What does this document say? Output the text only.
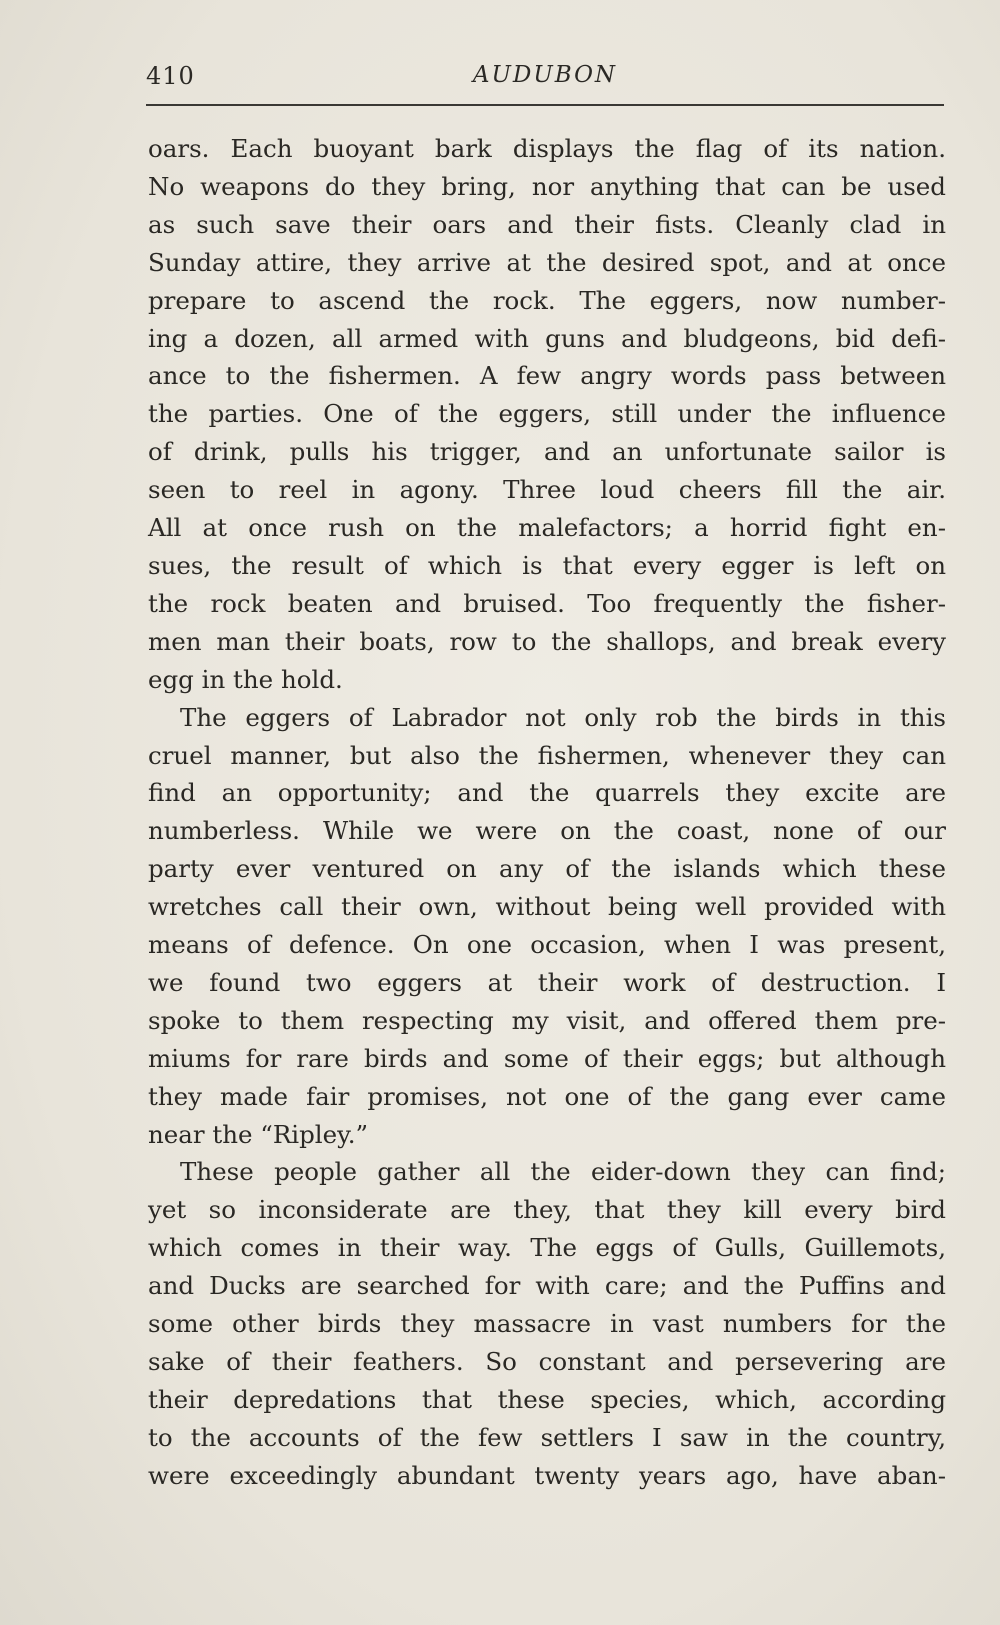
410	AUDUBON
oars. Each buoyant bark displays the flag of its nation.
No weapons do they bring, nor anything that can be used
as such save their oars and their fists. Cleanly clad in
Sunday attire, they arrive at the desired spot, and at once
prepare to ascend the rock. The eggers, now number-
ing a dozen, all armed with guns and bludgeons, bid defi-
ance to the fishermen. A few angry words pass between
the parties. One of the eggers, still under the influence
of drink, pulls his trigger, and an unfortunate sailor is
seen to reel in agony. Three loud cheers fill the air.
All at once rush on the malefactors; a horrid fight en-
sues, the result of which is that every egger is left on
the rock beaten and bruised. Too frequently the fisher-
men man their boats, row to the shallops, and break every
egg in the hold.
The eggers of Labrador not only rob the birds in this
cruel manner, but also the fishermen, whenever they can
find an opportunity; and the quarrels they excite are
numberless. While we were on the coast, none of our
party ever ventured on any of the islands which these
wretches call their own, without being well provided with
means of defence. On one occasion, when I was present,
we found two eggers at their work of destruction. I
spoke to them respecting my visit, and offered them pre-
miums for rare birds and some of their eggs; but although
they made fair promises, not one of the gang ever came
near the “Ripley.”
These people gather all the eider-down they can find;
yet so inconsiderate are they, that they kill every bird
which comes in their way. The eggs of Gulls, Guillemots,
and Ducks are searched for with care; and the Puffins and
some other birds they massacre in vast numbers for the
sake of their feathers. So constant and persevering are
their depredations that these species, which, according
to the accounts of the few settlers I saw in the country,
were exceedingly abundant twenty years ago, have aban-
